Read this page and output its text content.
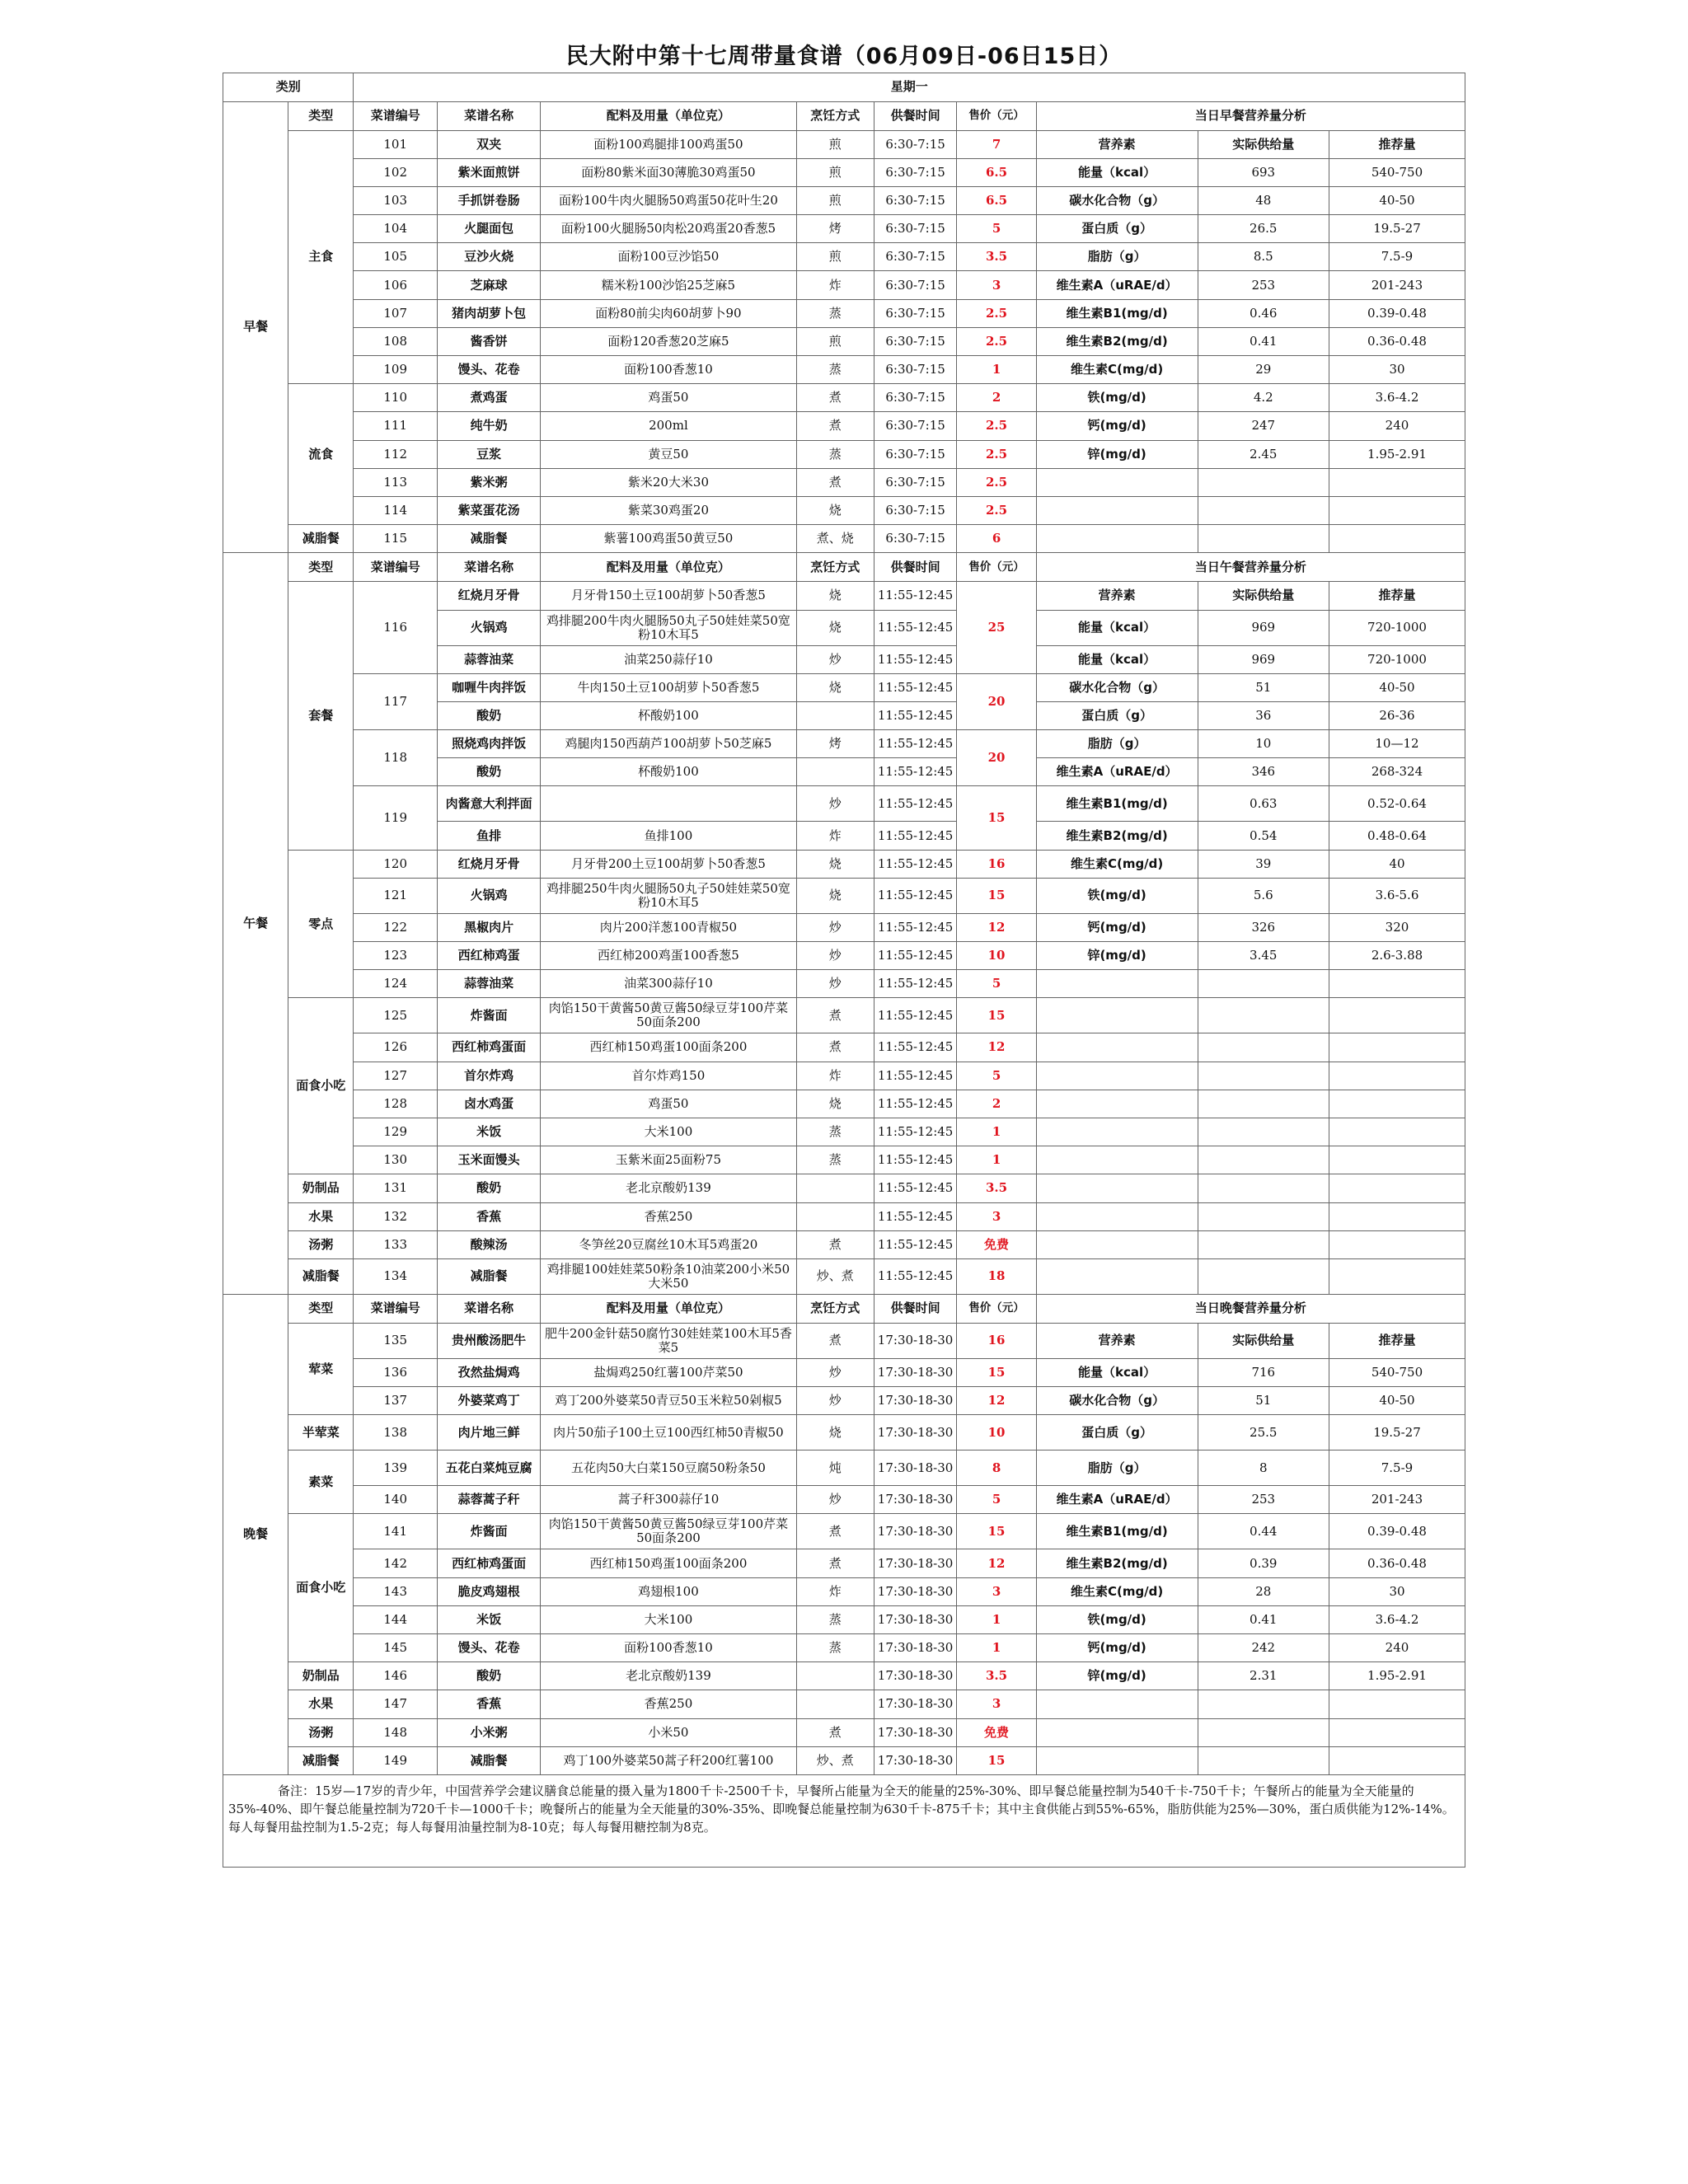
民大附中第十七周带量食谱（06月09日-06日15日）
类别		星期一								
早餐	类型	菜谱编号	菜谱名称	配料及用量（单位克）	烹饪方式	供餐时间	售价（元）	当日早餐营养量分析		
	主食	101	双夹	面粉100鸡腿排100鸡蛋50	煎	6:30-7:15	7	营养素	实际供给量	推荐量
		102	紫米面煎饼	面粉80紫米面30薄脆30鸡蛋50	煎	6:30-7:15	6.5	能量（kcal）	693	540-750
		103	手抓饼卷肠	面粉100牛肉火腿肠50鸡蛋50花叶生20	煎	6:30-7:15	6.5	碳水化合物（g）	48	40-50
		104	火腿面包	面粉100火腿肠50肉松20鸡蛋20香葱5	烤	6:30-7:15	5	蛋白质（g）	26.5	19.5-27
		105	豆沙火烧	面粉100豆沙馅50	煎	6:30-7:15	3.5	脂肪（g）	8.5	7.5-9
		106	芝麻球	糯米粉100沙馅25芝麻5	炸	6:30-7:15	3	维生素A（uRAE/d）	253	201-243
		107	猪肉胡萝卜包	面粉80前尖肉60胡萝卜90	蒸	6:30-7:15	2.5	维生素B1(mg/d)	0.46	0.39-0.48
		108	酱香饼	面粉120香葱20芝麻5	煎	6:30-7:15	2.5	维生素B2(mg/d)	0.41	0.36-0.48
		109	馒头、花卷	面粉100香葱10	蒸	6:30-7:15	1	维生素C(mg/d)	29	30
	流食	110	煮鸡蛋	鸡蛋50	煮	6:30-7:15	2	铁(mg/d)	4.2	3.6-4.2
		111	纯牛奶	200ml	煮	6:30-7:15	2.5	钙(mg/d)	247	240
		112	豆浆	黄豆50	蒸	6:30-7:15	2.5	锌(mg/d)	2.45	1.95-2.91
		113	紫米粥	紫米20大米30	煮	6:30-7:15	2.5			
		114	紫菜蛋花汤	紫菜30鸡蛋20	烧	6:30-7:15	2.5			
	减脂餐	115	减脂餐	紫薯100鸡蛋50黄豆50	煮、烧	6:30-7:15	6			
午餐	类型	菜谱编号	菜谱名称	配料及用量（单位克）	烹饪方式	供餐时间	售价（元）	当日午餐营养量分析		
	套餐	116	红烧月牙骨	月牙骨150土豆100胡萝卜50香葱5	烧	11:55-12:45	25	营养素	实际供给量	推荐量
			火锅鸡	鸡排腿200牛肉火腿肠50丸子50娃娃菜50宽粉10木耳5	烧	11:55-12:45		能量（kcal）	969	720-1000
			蒜蓉油菜	油菜250蒜仔10	炒	11:55-12:45		能量（kcal）	969	720-1000
		117	咖喱牛肉拌饭	牛肉150土豆100胡萝卜50香葱5	烧	11:55-12:45	20	碳水化合物（g）	51	40-50
			酸奶	杯酸奶100		11:55-12:45		蛋白质（g）	36	26-36
		118	照烧鸡肉拌饭	鸡腿肉150西葫芦100胡萝卜50芝麻5	烤	11:55-12:45	20	脂肪（g）	10	10—12
			酸奶	杯酸奶100		11:55-12:45		维生素A（uRAE/d）	346	268-324
		119	肉酱意大利拌面		炒	11:55-12:45	15	维生素B1(mg/d)	0.63	0.52-0.64
			鱼排	鱼排100	炸	11:55-12:45		维生素B2(mg/d)	0.54	0.48-0.64
	零点	120	红烧月牙骨	月牙骨200土豆100胡萝卜50香葱5	烧	11:55-12:45	16	维生素C(mg/d)	39	40
		121	火锅鸡	鸡排腿250牛肉火腿肠50丸子50娃娃菜50宽粉10木耳5	烧	11:55-12:45	15	铁(mg/d)	5.6	3.6-5.6
		122	黑椒肉片	肉片200洋葱100青椒50	炒	11:55-12:45	12	钙(mg/d)	326	320
		123	西红柿鸡蛋	西红柿200鸡蛋100香葱5	炒	11:55-12:45	10	锌(mg/d)	3.45	2.6-3.88
		124	蒜蓉油菜	油菜300蒜仔10	炒	11:55-12:45	5			
	面食小吃	125	炸酱面	肉馅150干黄酱50黄豆酱50绿豆芽100芹菜50面条200	煮	11:55-12:45	15			
		126	西红柿鸡蛋面	西红柿150鸡蛋100面条200	煮	11:55-12:45	12			
		127	首尔炸鸡	首尔炸鸡150	炸	11:55-12:45	5			
		128	卤水鸡蛋	鸡蛋50	烧	11:55-12:45	2			
		129	米饭	大米100	蒸	11:55-12:45	1			
		130	玉米面馒头	玉紫米面25面粉75	蒸	11:55-12:45	1			
	奶制品	131	酸奶	老北京酸奶139		11:55-12:45	3.5			
	水果	132	香蕉	香蕉250		11:55-12:45	3			
	汤粥	133	酸辣汤	冬笋丝20豆腐丝10木耳5鸡蛋20	煮	11:55-12:45	免费			
	减脂餐	134	减脂餐	鸡排腿100娃娃菜50粉条10油菜200小米50大米50	炒、煮	11:55-12:45	18			
晚餐	类型	菜谱编号	菜谱名称	配料及用量（单位克）	烹饪方式	供餐时间	售价（元）	当日晚餐营养量分析		
	荤菜	135	贵州酸汤肥牛	肥牛200金针菇50腐竹30娃娃菜100木耳5香菜5	煮	17:30-18-30	16	营养素	实际供给量	推荐量
		136	孜然盐焗鸡	盐焗鸡250红薯100芹菜50	炒	17:30-18-30	15	能量（kcal）	716	540-750
		137	外婆菜鸡丁	鸡丁200外婆菜50青豆50玉米粒50剁椒5	炒	17:30-18-30	12	碳水化合物（g）	51	40-50
	半荤菜	138	肉片地三鲜	肉片50茄子100土豆100西红柿50青椒50	烧	17:30-18-30	10	蛋白质（g）	25.5	19.5-27
	素菜	139	五花白菜炖豆腐	五花肉50大白菜150豆腐50粉条50	炖	17:30-18-30	8	脂肪（g）	8	7.5-9
		140	蒜蓉蒿子秆	蒿子秆300蒜仔10	炒	17:30-18-30	5	维生素A（uRAE/d）	253	201-243
	面食小吃	141	炸酱面	肉馅150干黄酱50黄豆酱50绿豆芽100芹菜50面条200	煮	17:30-18-30	15	维生素B1(mg/d)	0.44	0.39-0.48
		142	西红柿鸡蛋面	西红柿150鸡蛋100面条200	煮	17:30-18-30	12	维生素B2(mg/d)	0.39	0.36-0.48
		143	脆皮鸡翅根	鸡翅根100	炸	17:30-18-30	3	维生素C(mg/d)	28	30
		144	米饭	大米100	蒸	17:30-18-30	1	铁(mg/d)	0.41	3.6-4.2
		145	馒头、花卷	面粉100香葱10	蒸	17:30-18-30	1	钙(mg/d)	242	240
	奶制品	146	酸奶	老北京酸奶139		17:30-18-30	3.5	锌(mg/d)	2.31	1.95-2.91
	水果	147	香蕉	香蕉250		17:30-18-30	3			
	汤粥	148	小米粥	小米50	煮	17:30-18-30	免费			
	减脂餐	149	减脂餐	鸡丁100外婆菜50蒿子秆200红薯100	炒、煮	17:30-18-30	15			
备注：15岁—17岁的青少年，中国营养学会建议膳食总能量的摄入量为1800千卡-2500千卡，早餐所占能量为全天的能量的25%-30%、即早餐总能量控制为540千卡-750千卡；午餐所占的能量为全天能量的35%-40%、即午餐总能量控制为720千卡—1000千卡；晚餐所占的能量为全天能量的30%-35%、即晚餐总能量控制为630千卡-875千卡；其中主食供能占到55%-65%，脂肪供能为25%—30%，蛋白质供能为12%-14%。每人每餐用盐控制为1.5-2克；每人每餐用油量控制为8-10克；每人每餐用糖控制为8克。										
